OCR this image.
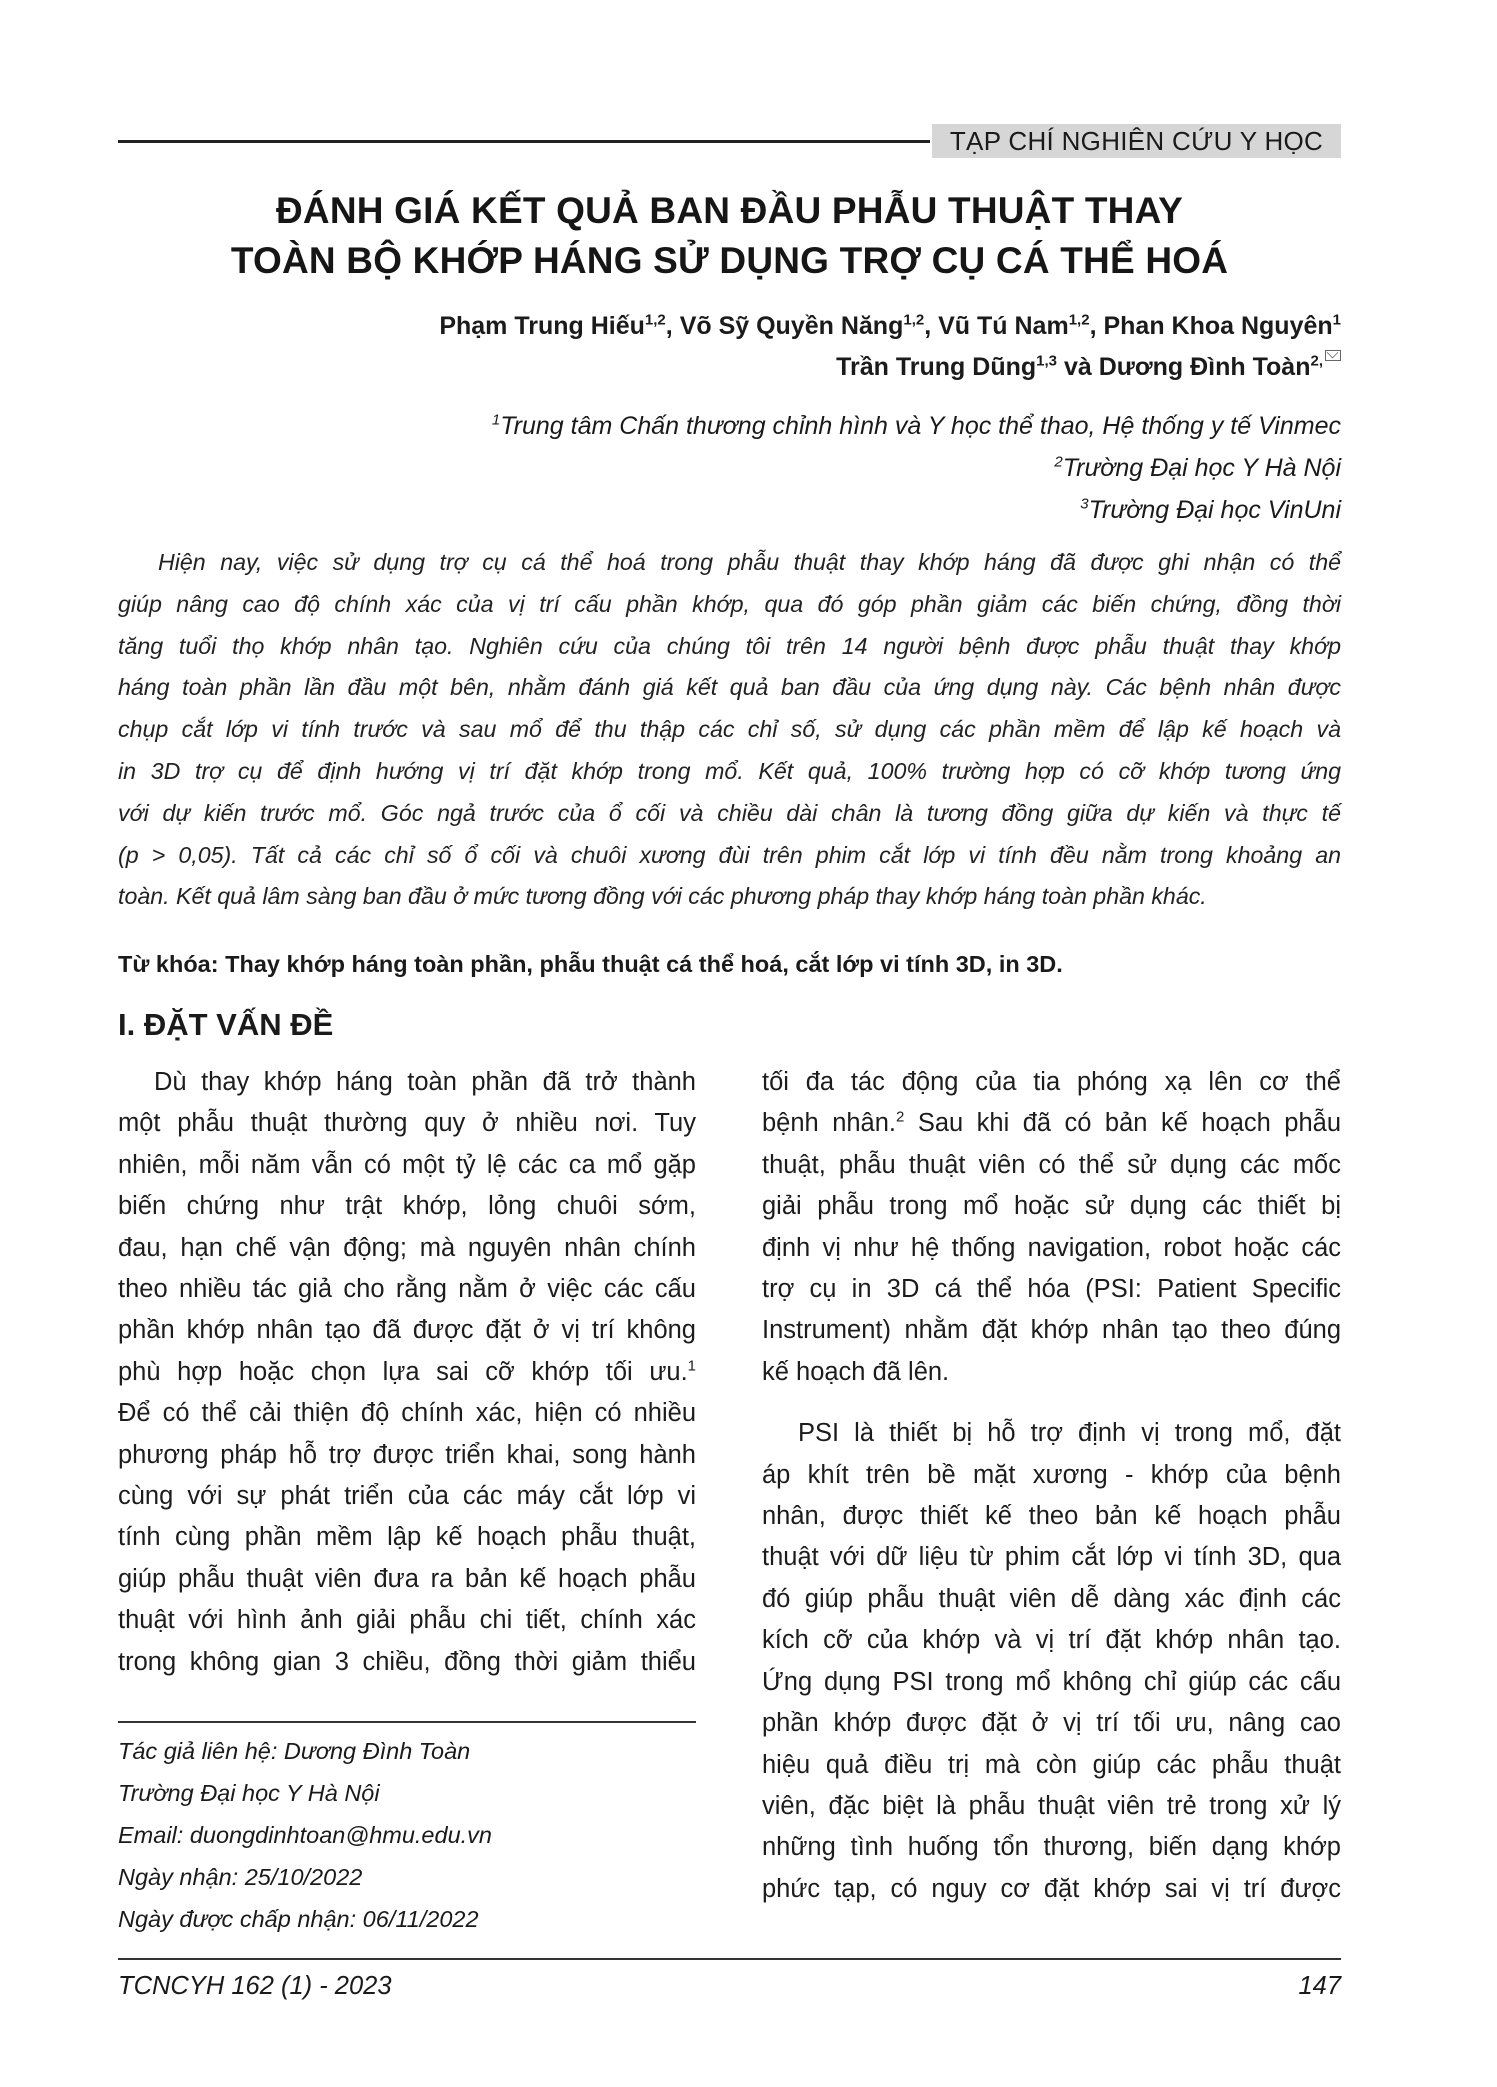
TẠP CHÍ NGHIÊN CỨU Y HỌC
ĐÁNH GIÁ KẾT QUẢ BAN ĐẦU PHẪU THUẬT THAY
TOÀN BỘ KHỚP HÁNG SỬ DỤNG TRỢ CỤ CÁ THỂ HOÁ
Phạm Trung Hiếu$^{1,2}$, Võ Sỹ Quyền Năng$^{1,2}$, Vũ Tú Nam$^{1,2}$, Phan Khoa Nguyên$^1$
Trần Trung Dũng$^{1,3}$ và Dương Đình Toàn$^{2,}$
$^1$Trung tâm Chấn thương chỉnh hình và Y học thể thao, Hệ thống y tế Vinmec
$^2$Trường Đại học Y Hà Nội
$^3$Trường Đại học VinUni
Hiện nay, việc sử dụng trợ cụ cá thể hoá trong phẫu thuật thay khớp háng đã được ghi nhận có thể
giúp nâng cao độ chính xác của vị trí cấu phần khớp, qua đó góp phần giảm các biến chứng, đồng thời
tăng tuổi thọ khớp nhân tạo. Nghiên cứu của chúng tôi trên 14 người bệnh được phẫu thuật thay khớp
háng toàn phần lần đầu một bên, nhằm đánh giá kết quả ban đầu của ứng dụng này. Các bệnh nhân được
chụp cắt lớp vi tính trước và sau mổ để thu thập các chỉ số, sử dụng các phần mềm để lập kế hoạch và
in 3D trợ cụ để định hướng vị trí đặt khớp trong mổ. Kết quả, 100% trường hợp có cỡ khớp tương ứng
với dự kiến trước mổ. Góc ngả trước của ổ cối và chiều dài chân là tương đồng giữa dự kiến và thực tế
(p > 0,05). Tất cả các chỉ số ổ cối và chuôi xương đùi trên phim cắt lớp vi tính đều nằm trong khoảng an
toàn. Kết quả lâm sàng ban đầu ở mức tương đồng với các phương pháp thay khớp háng toàn phần khác.
Từ khóa: Thay khớp háng toàn phần, phẫu thuật cá thể hoá, cắt lớp vi tính 3D, in 3D.
I. ĐẶT VẤN ĐỀ
Dù thay khớp háng toàn phần đã trở thành
một phẫu thuật thường quy ở nhiều nơi. Tuy
nhiên, mỗi năm vẫn có một tỷ lệ các ca mổ gặp
biến chứng như trật khớp, lỏng chuôi sớm,
đau, hạn chế vận động; mà nguyên nhân chính
theo nhiều tác giả cho rằng nằm ở việc các cấu
phần khớp nhân tạo đã được đặt ở vị trí không
phù hợp hoặc chọn lựa sai cỡ khớp tối ưu.$^1$
Để có thể cải thiện độ chính xác, hiện có nhiều
phương pháp hỗ trợ được triển khai, song hành
cùng với sự phát triển của các máy cắt lớp vi
tính cùng phần mềm lập kế hoạch phẫu thuật,
giúp phẫu thuật viên đưa ra bản kế hoạch phẫu
thuật với hình ảnh giải phẫu chi tiết, chính xác
trong không gian 3 chiều, đồng thời giảm thiểu
Tác giả liên hệ: Dương Đình Toàn
Trường Đại học Y Hà Nội
Email: duongdinhtoan@hmu.edu.vn
Ngày nhận: 25/10/2022
Ngày được chấp nhận: 06/11/2022
tối đa tác động của tia phóng xạ lên cơ thể
bệnh nhân.$^2$ Sau khi đã có bản kế hoạch phẫu
thuật, phẫu thuật viên có thể sử dụng các mốc
giải phẫu trong mổ hoặc sử dụng các thiết bị
định vị như hệ thống navigation, robot hoặc các
trợ cụ in 3D cá thể hóa (PSI: Patient Specific
Instrument) nhằm đặt khớp nhân tạo theo đúng
kế hoạch đã lên.
PSI là thiết bị hỗ trợ định vị trong mổ, đặt
áp khít trên bề mặt xương - khớp của bệnh
nhân, được thiết kế theo bản kế hoạch phẫu
thuật với dữ liệu từ phim cắt lớp vi tính 3D, qua
đó giúp phẫu thuật viên dễ dàng xác định các
kích cỡ của khớp và vị trí đặt khớp nhân tạo.
Ứng dụng PSI trong mổ không chỉ giúp các cấu
phần khớp được đặt ở vị trí tối ưu, nâng cao
hiệu quả điều trị mà còn giúp các phẫu thuật
viên, đặc biệt là phẫu thuật viên trẻ trong xử lý
những tình huống tổn thương, biến dạng khớp
phức tạp, có nguy cơ đặt khớp sai vị trí được
TCNCYH 162 (1) - 2023	147
